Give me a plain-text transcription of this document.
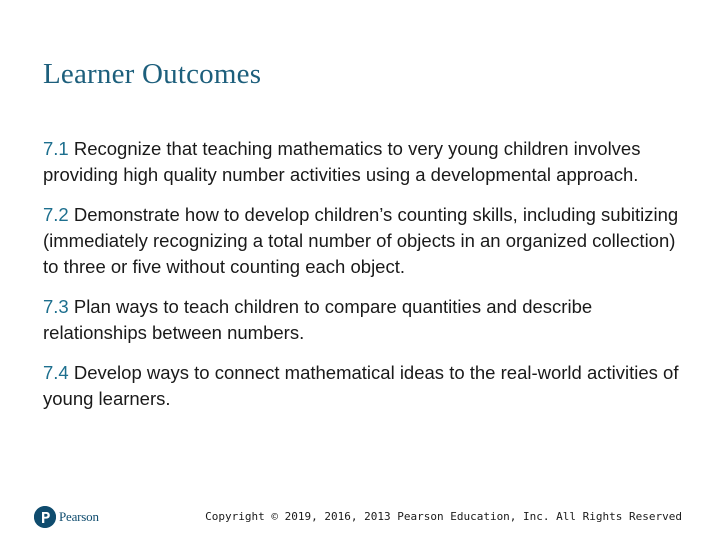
Learner Outcomes
7.1 Recognize that teaching mathematics to very young children involves providing high quality number activities using a developmental approach.
7.2 Demonstrate how to develop children’s counting skills, including subitizing (immediately recognizing a total number of objects in an organized collection) to three or five without counting each object.
7.3 Plan ways to teach children to compare quantities and describe relationships between numbers.
7.4 Develop ways to connect mathematical ideas to the real-world activities of young learners.
Pearson	Copyright © 2019, 2016, 2013 Pearson Education, Inc. All Rights Reserved
